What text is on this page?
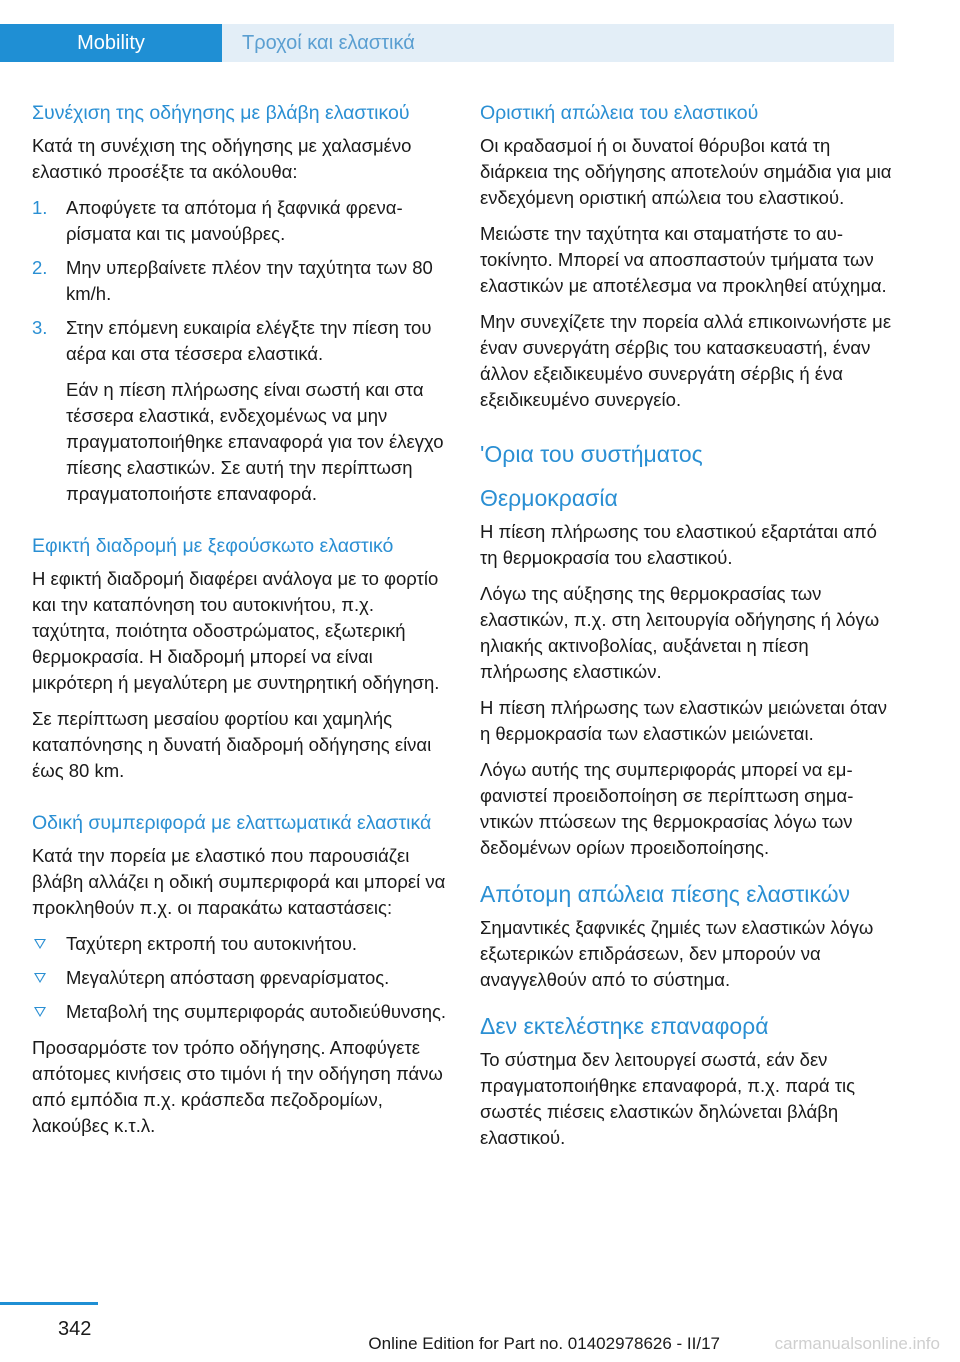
Mobility	Τροχοί και ελαστικά
Συνέχιση της οδήγησης με βλάβη ελαστικού

Κατά τη συνέχιση της οδήγησης με χαλασμένο ελαστικό προσέξτε τα ακόλουθα:

1. Αποφύγετε τα απότομα ή ξαφνικά φρεναρίσματα και τις μανούβρες.
2. Μην υπερβαίνετε πλέον την ταχύτητα των 80 km/h.
3. Στην επόμενη ευκαιρία ελέγξτε την πίεση του αέρα και στα τέσσερα ελαστικά.

Εάν η πίεση πλήρωσης είναι σωστή και στα τέσσερα ελαστικά, ενδεχομένως να μην πραγματοποιήθηκε επαναφορά για τον έλεγχο πίεσης ελαστικών. Σε αυτή την περίπτωση πραγματοποιήστε επαναφορά.

Εφικτή διαδρομή με ξεφούσκωτο ελαστικό

Η εφικτή διαδρομή διαφέρει ανάλογα με το φορτίο και την καταπόνηση του αυτοκινήτου, π.χ. ταχύτητα, ποιότητα οδοστρώματος, εξωτερική θερμοκρασία. Η διαδρομή μπορεί να είναι μικρότερη ή μεγαλύτερη με συντηρητική οδήγηση.

Σε περίπτωση μεσαίου φορτίου και χαμηλής καταπόνησης η δυνατή διαδρομή οδήγησης είναι έως 80 km.

Οδική συμπεριφορά με ελαττωματικά ελαστικά

Κατά την πορεία με ελαστικό που παρουσιάζει βλάβη αλλάζει η οδική συμπεριφορά και μπορεί να προκληθούν π.χ. οι παρακάτω καταστάσεις:

Ταχύτερη εκτροπή του αυτοκινήτου.
Μεγαλύτερη απόσταση φρεναρίσματος.
Μεταβολή της συμπεριφοράς αυτοδιεύθυνσης.

Προσαρμόστε τον τρόπο οδήγησης. Αποφύγετε απότομες κινήσεις στο τιμόνι ή την οδήγηση πάνω από εμπόδια π.χ. κράσπεδα πεζοδρομίων, λακούβες κ.τ.λ.

Οριστική απώλεια του ελαστικού

Οι κραδασμοί ή οι δυνατοί θόρυβοι κατά τη διάρκεια της οδήγησης αποτελούν σημάδια για μια ενδεχόμενη οριστική απώλεια του ελαστικού.

Μειώστε την ταχύτητα και σταματήστε το αυτοκίνητο. Μπορεί να αποσπαστούν τμήματα των ελαστικών με αποτέλεσμα να προκληθεί ατύχημα.

Μην συνεχίζετε την πορεία αλλά επικοινωνήστε με έναν συνεργάτη σέρβις του κατασκευαστή, έναν άλλον εξειδικευμένο συνεργάτη σέρβις ή ένα εξειδικευμένο συνεργείο.

'Ορια του συστήματος
Θερμοκρασία

Η πίεση πλήρωσης του ελαστικού εξαρτάται από τη θερμοκρασία του ελαστικού.

Λόγω της αύξησης της θερμοκρασίας των ελαστικών, π.χ. στη λειτουργία οδήγησης ή λόγω ηλιακής ακτινοβολίας, αυξάνεται η πίεση πλήρωσης ελαστικών.

Η πίεση πλήρωσης των ελαστικών μειώνεται όταν η θερμοκρασία των ελαστικών μειώνεται.

Λόγω αυτής της συμπεριφοράς μπορεί να εμφανιστεί προειδοποίηση σε περίπτωση σημαντικών πτώσεων της θερμοκρασίας λόγω των δεδομένων ορίων προειδοποίησης.

Απότομη απώλεια πίεσης ελαστικών

Σημαντικές ξαφνικές ζημιές των ελαστικών λόγω εξωτερικών επιδράσεων, δεν μπορούν να αναγγελθούν από το σύστημα.

Δεν εκτελέστηκε επαναφορά

Το σύστημα δεν λειτουργεί σωστά, εάν δεν πραγματοποιήθηκε επαναφορά, π.χ. παρά τις σωστές πιέσεις ελαστικών δηλώνεται βλάβη ελαστικού.

342
Online Edition for Part no. 01402978626 - II/17	carmanualsonline.info
